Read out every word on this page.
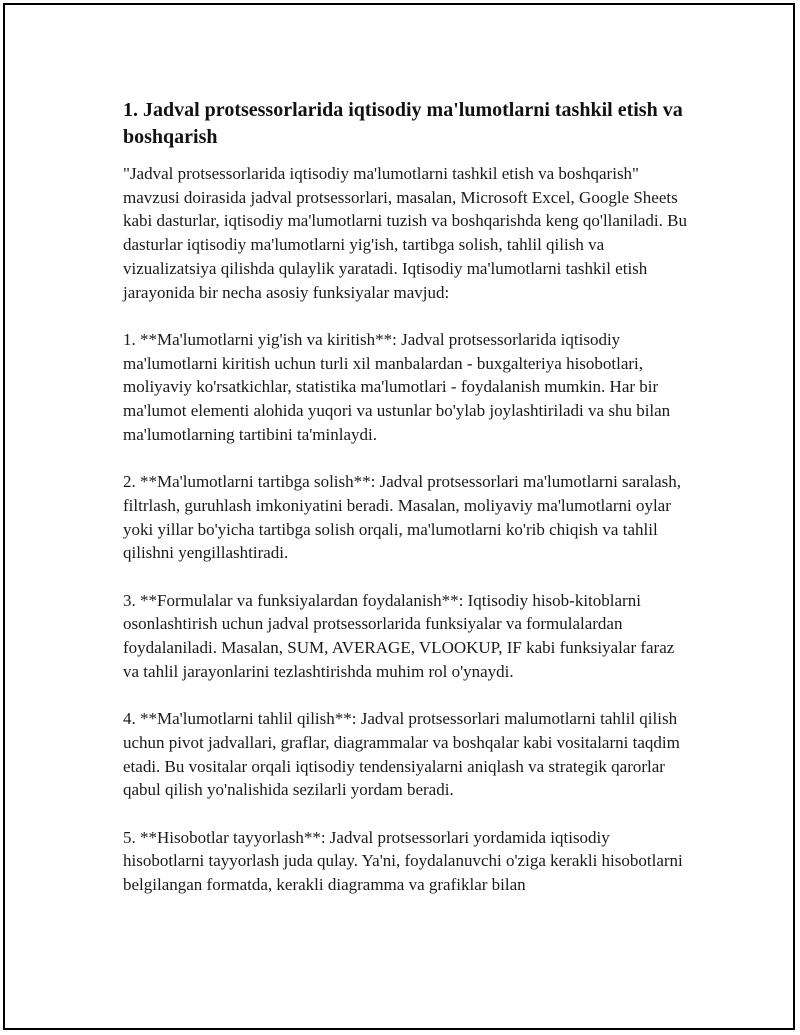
1. Jadval protsessorlarida iqtisodiy ma'lumotlarni tashkil etish va boshqarish

"Jadval protsessorlarida iqtisodiy ma'lumotlarni tashkil etish va boshqarish" mavzusi doirasida jadval protsessorlari, masalan, Microsoft Excel, Google Sheets kabi dasturlar, iqtisodiy ma'lumotlarni tuzish va boshqarishda keng qo'llaniladi. Bu dasturlar iqtisodiy ma'lumotlarni yig'ish, tartibga solish, tahlil qilish va vizualizatsiya qilishda qulaylik yaratadi. Iqtisodiy ma'lumotlarni tashkil etish jarayonida bir necha asosiy funksiyalar mavjud:

1. **Ma'lumotlarni yig'ish va kiritish**: Jadval protsessorlarida iqtisodiy ma'lumotlarni kiritish uchun turli xil manbalardan - buxgalteriya hisobotlari, moliyaviy ko'rsatkichlar, statistika ma'lumotlari - foydalanish mumkin. Har bir ma'lumot elementi alohida yuqori va ustunlar bo'ylab joylashtiriladi va shu bilan ma'lumotlarning tartibini ta'minlaydi.

2. **Ma'lumotlarni tartibga solish**: Jadval protsessorlari ma'lumotlarni saralash, filtrlash, guruhlash imkoniyatini beradi. Masalan, moliyaviy ma'lumotlarni oylar yoki yillar bo'yicha tartibga solish orqali, ma'lumotlarni ko'rib chiqish va tahlil qilishni yengillashtiradi.

3. **Formulalar va funksiyalardan foydalanish**: Iqtisodiy hisob-kitoblarni osonlashtirish uchun jadval protsessorlarida funksiyalar va formulalardan foydalaniladi. Masalan, SUM, AVERAGE, VLOOKUP, IF kabi funksiyalar faraz va tahlil jarayonlarini tezlashtirishda muhim rol o'ynaydi.

4. **Ma'lumotlarni tahlil qilish**: Jadval protsessorlari malumotlarni tahlil qilish uchun pivot jadvallari, graflar, diagrammalar va boshqalar kabi vositalarni taqdim etadi. Bu vositalar orqali iqtisodiy tendensiyalarni aniqlash va strategik qarorlar qabul qilish yo'nalishida sezilarli yordam beradi.

5. **Hisobotlar tayyorlash**: Jadval protsessorlari yordamida iqtisodiy hisobotlarni tayyorlash juda qulay. Ya'ni, foydalanuvchi o'ziga kerakli hisobotlarni belgilangan formatda, kerakli diagramma va grafiklar bilan
